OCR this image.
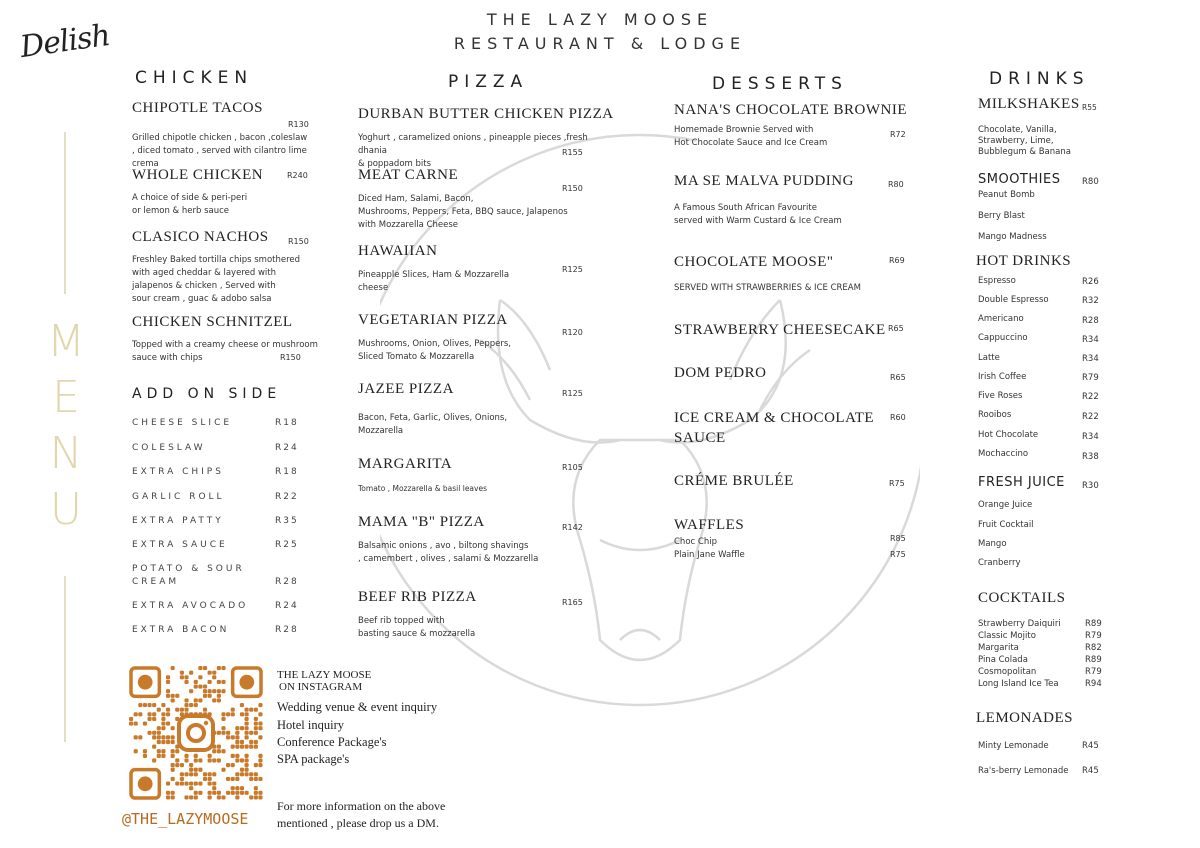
Delish	THE LAZY MOOSE
RESTAURANT & LODGE
M
E
N
U
CHICKEN
CHIPOTLE TACOS
Grilled chipotle chicken , bacon ,coleslaw
, diced tomato , served with cilantro lime crema
R130
WHOLE CHICKEN
A choice of side & peri-peri
or lemon & herb sauce
R240
CLASICO NACHOS
Freshley Baked tortilla chips smothered
with aged cheddar & layered with
jalapenos & chicken , Served with
sour cream , guac & adobo salsa
R150
CHICKEN SCHNITZEL
Topped with a creamy cheese or mushroom
sauce with chips	R150
ADD ON SIDE
CHEESE SLICE	R18
COLESLAW	R24
EXTRA CHIPS	R18
GARLIC ROLL	R22
EXTRA PATTY	R35
EXTRA SAUCE	R25
POTATO & SOUR
CREAM	R28
EXTRA AVOCADO	R24
EXTRA BACON	R28
PIZZA
DURBAN BUTTER CHICKEN PIZZA
Yoghurt , caramelized onions , pineapple pieces ,fresh dhania
& poppadom bits
R155
MEAT CARNE
Diced Ham, Salami, Bacon,
Mushrooms, Peppers, Feta, BBQ sauce, Jalapenos
with Mozzarella Cheese
R150
HAWAIIAN
Pineapple Slices, Ham & Mozzarella
cheese
R125
VEGETARIAN PIZZA
Mushrooms, Onion, Olives, Peppers,
Sliced Tomato & Mozzarella
R120
JAZEE PIZZA
Bacon, Feta, Garlic, Olives, Onions,
Mozzarella
R125
MARGARITA
Tomato , Mozzarella & basil leaves
R105
MAMA "B" PIZZA
Balsamic onions , avo , biltong shavings
, camembert , olives , salami & Mozzarella
R142
BEEF RIB PIZZA
Beef rib topped with
basting sauce & mozzarella
R165
DESSERTS
NANA'S CHOCOLATE BROWNIE
Homemade Brownie Served with
Hot Chocolate Sauce and Ice Cream
R72
MA SE MALVA PUDDING
A Famous South African Favourite
served with Warm Custard & Ice Cream
R80
CHOCOLATE MOOSE"
SERVED WITH STRAWBERRIES & ICE CREAM
R69
STRAWBERRY CHEESECAKE R65
DOM PEDRO	R65
ICE CREAM & CHOCOLATE
SAUCE
R60
CRÉME BRULÉE	R75
WAFFLES
Choc Chip
Plain Jane Waffle
R85
R75
DRINKS
MILKSHAKES R55
Chocolate, Vanilla,
Strawberry, Lime,
Bubblegum & Banana
SMOOTHIES	R80
Peanut Bomb
Berry Blast
Mango Madness
HOT DRINKS
Espresso	R26
Double Espresso	R32
Americano	R28
Cappuccino	R34
Latte	R34
Irish Coffee	R79
Five Roses	R22
Rooibos	R22
Hot Chocolate	R34
Mochaccino	R38
FRESH JUICE R30
Orange Juice
Fruit Cocktail
Mango
Cranberry
COCKTAILS
Strawberry Daiquiri	R89
Classic Mojito	R79
Margarita	R82
Pina Colada	R89
Cosmopolitan	R79
Long Island Ice Tea	R94
LEMONADES
Minty Lemonade	R45
Ra's-berry Lemonade R45
@THE_LAZYMOOSE
THE LAZY MOOSE
ON INSTAGRAM
Wedding venue & event inquiry
Hotel inquiry
Conference Package's
SPA package's
For more information on the above
mentioned , please drop us a DM.
